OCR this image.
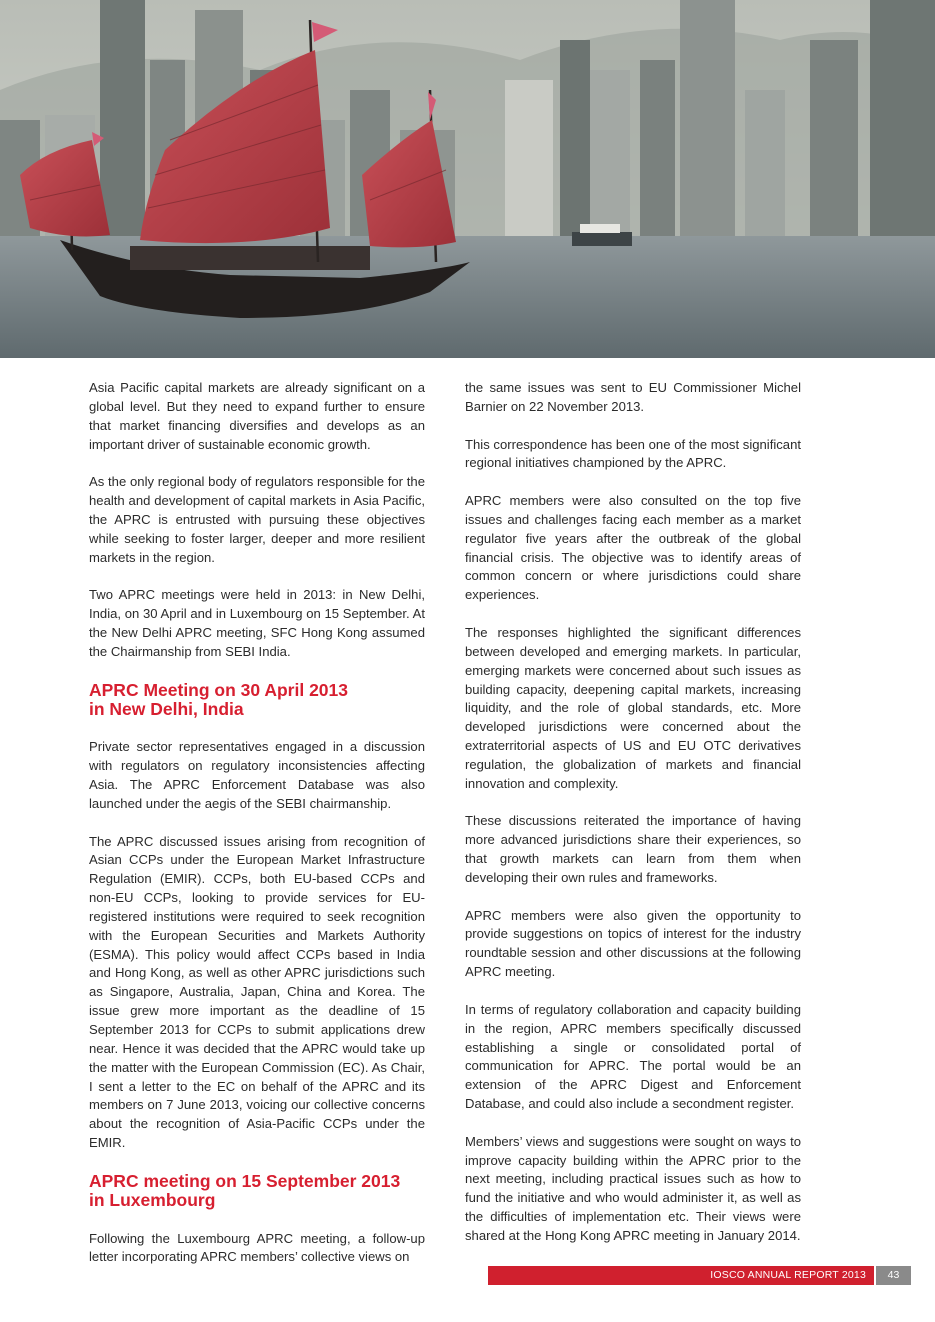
Asia Pacific capital markets are already significant on a global level. But they need to expand further to ensure that market financing diversifies and develops as an important driver of sustainable economic growth.

As the only regional body of regulators responsible for the health and development of capital markets in Asia Pacific, the APRC is entrusted with pursuing these objectives while seeking to foster larger, deeper and more resilient markets in the region.

Two APRC meetings were held in 2013: in New Delhi, India, on 30 April and in Luxembourg on 15 September. At the New Delhi APRC meeting, SFC Hong Kong assumed the Chairmanship from SEBI India.

APRC Meeting on 30 April 2013
in New Delhi, India

Private sector representatives engaged in a discussion with regulators on regulatory inconsistencies affecting Asia. The APRC Enforcement Database was also launched under the aegis of the SEBI chairmanship.

The APRC discussed issues arising from recognition of Asian CCPs under the European Market Infrastructure Regulation (EMIR). CCPs, both EU-based CCPs and non-EU CCPs, looking to provide services for EU-registered institutions were required to seek recognition with the European Securities and Markets Authority (ESMA). This policy would affect CCPs based in India and Hong Kong, as well as other APRC jurisdictions such as Singapore, Australia, Japan, China and Korea. The issue grew more important as the deadline of 15 September 2013 for CCPs to submit applications drew near. Hence it was decided that the APRC would take up the matter with the European Commission (EC). As Chair, I sent a letter to the EC on behalf of the APRC and its members on 7 June 2013, voicing our collective concerns about the recognition of Asia-Pacific CCPs under the EMIR.

APRC meeting on 15 September 2013
in Luxembourg

Following the Luxembourg APRC meeting, a follow-up letter incorporating APRC members’ collective views on

the same issues was sent to EU Commissioner Michel Barnier on 22 November 2013.

This correspondence has been one of the most significant regional initiatives championed by the APRC.

APRC members were also consulted on the top five issues and challenges facing each member as a market regulator five years after the outbreak of the global financial crisis. The objective was to identify areas of common concern or where jurisdictions could share experiences.

The responses highlighted the significant differences between developed and emerging markets. In particular, emerging markets were concerned about such issues as building capacity, deepening capital markets, increasing liquidity, and the role of global standards, etc. More developed jurisdictions were concerned about the extraterritorial aspects of US and EU OTC derivatives regulation, the globalization of markets and financial innovation and complexity.

These discussions reiterated the importance of having more advanced jurisdictions share their experiences, so that growth markets can learn from them when developing their own rules and frameworks.

APRC members were also given the opportunity to provide suggestions on topics of interest for the industry roundtable session and other discussions at the following APRC meeting.

In terms of regulatory collaboration and capacity building in the region, APRC members specifically discussed establishing a single or consolidated portal of communication for APRC. The portal would be an extension of the APRC Digest and Enforcement Database, and could also include a secondment register.

Members’ views and suggestions were sought on ways to improve capacity building within the APRC prior to the next meeting, including practical issues such as how to fund the initiative and who would administer it, as well as the difficulties of implementation etc. Their views were shared at the Hong Kong APRC meeting in January 2014.

IOSCO ANNUAL REPORT 2013	43
